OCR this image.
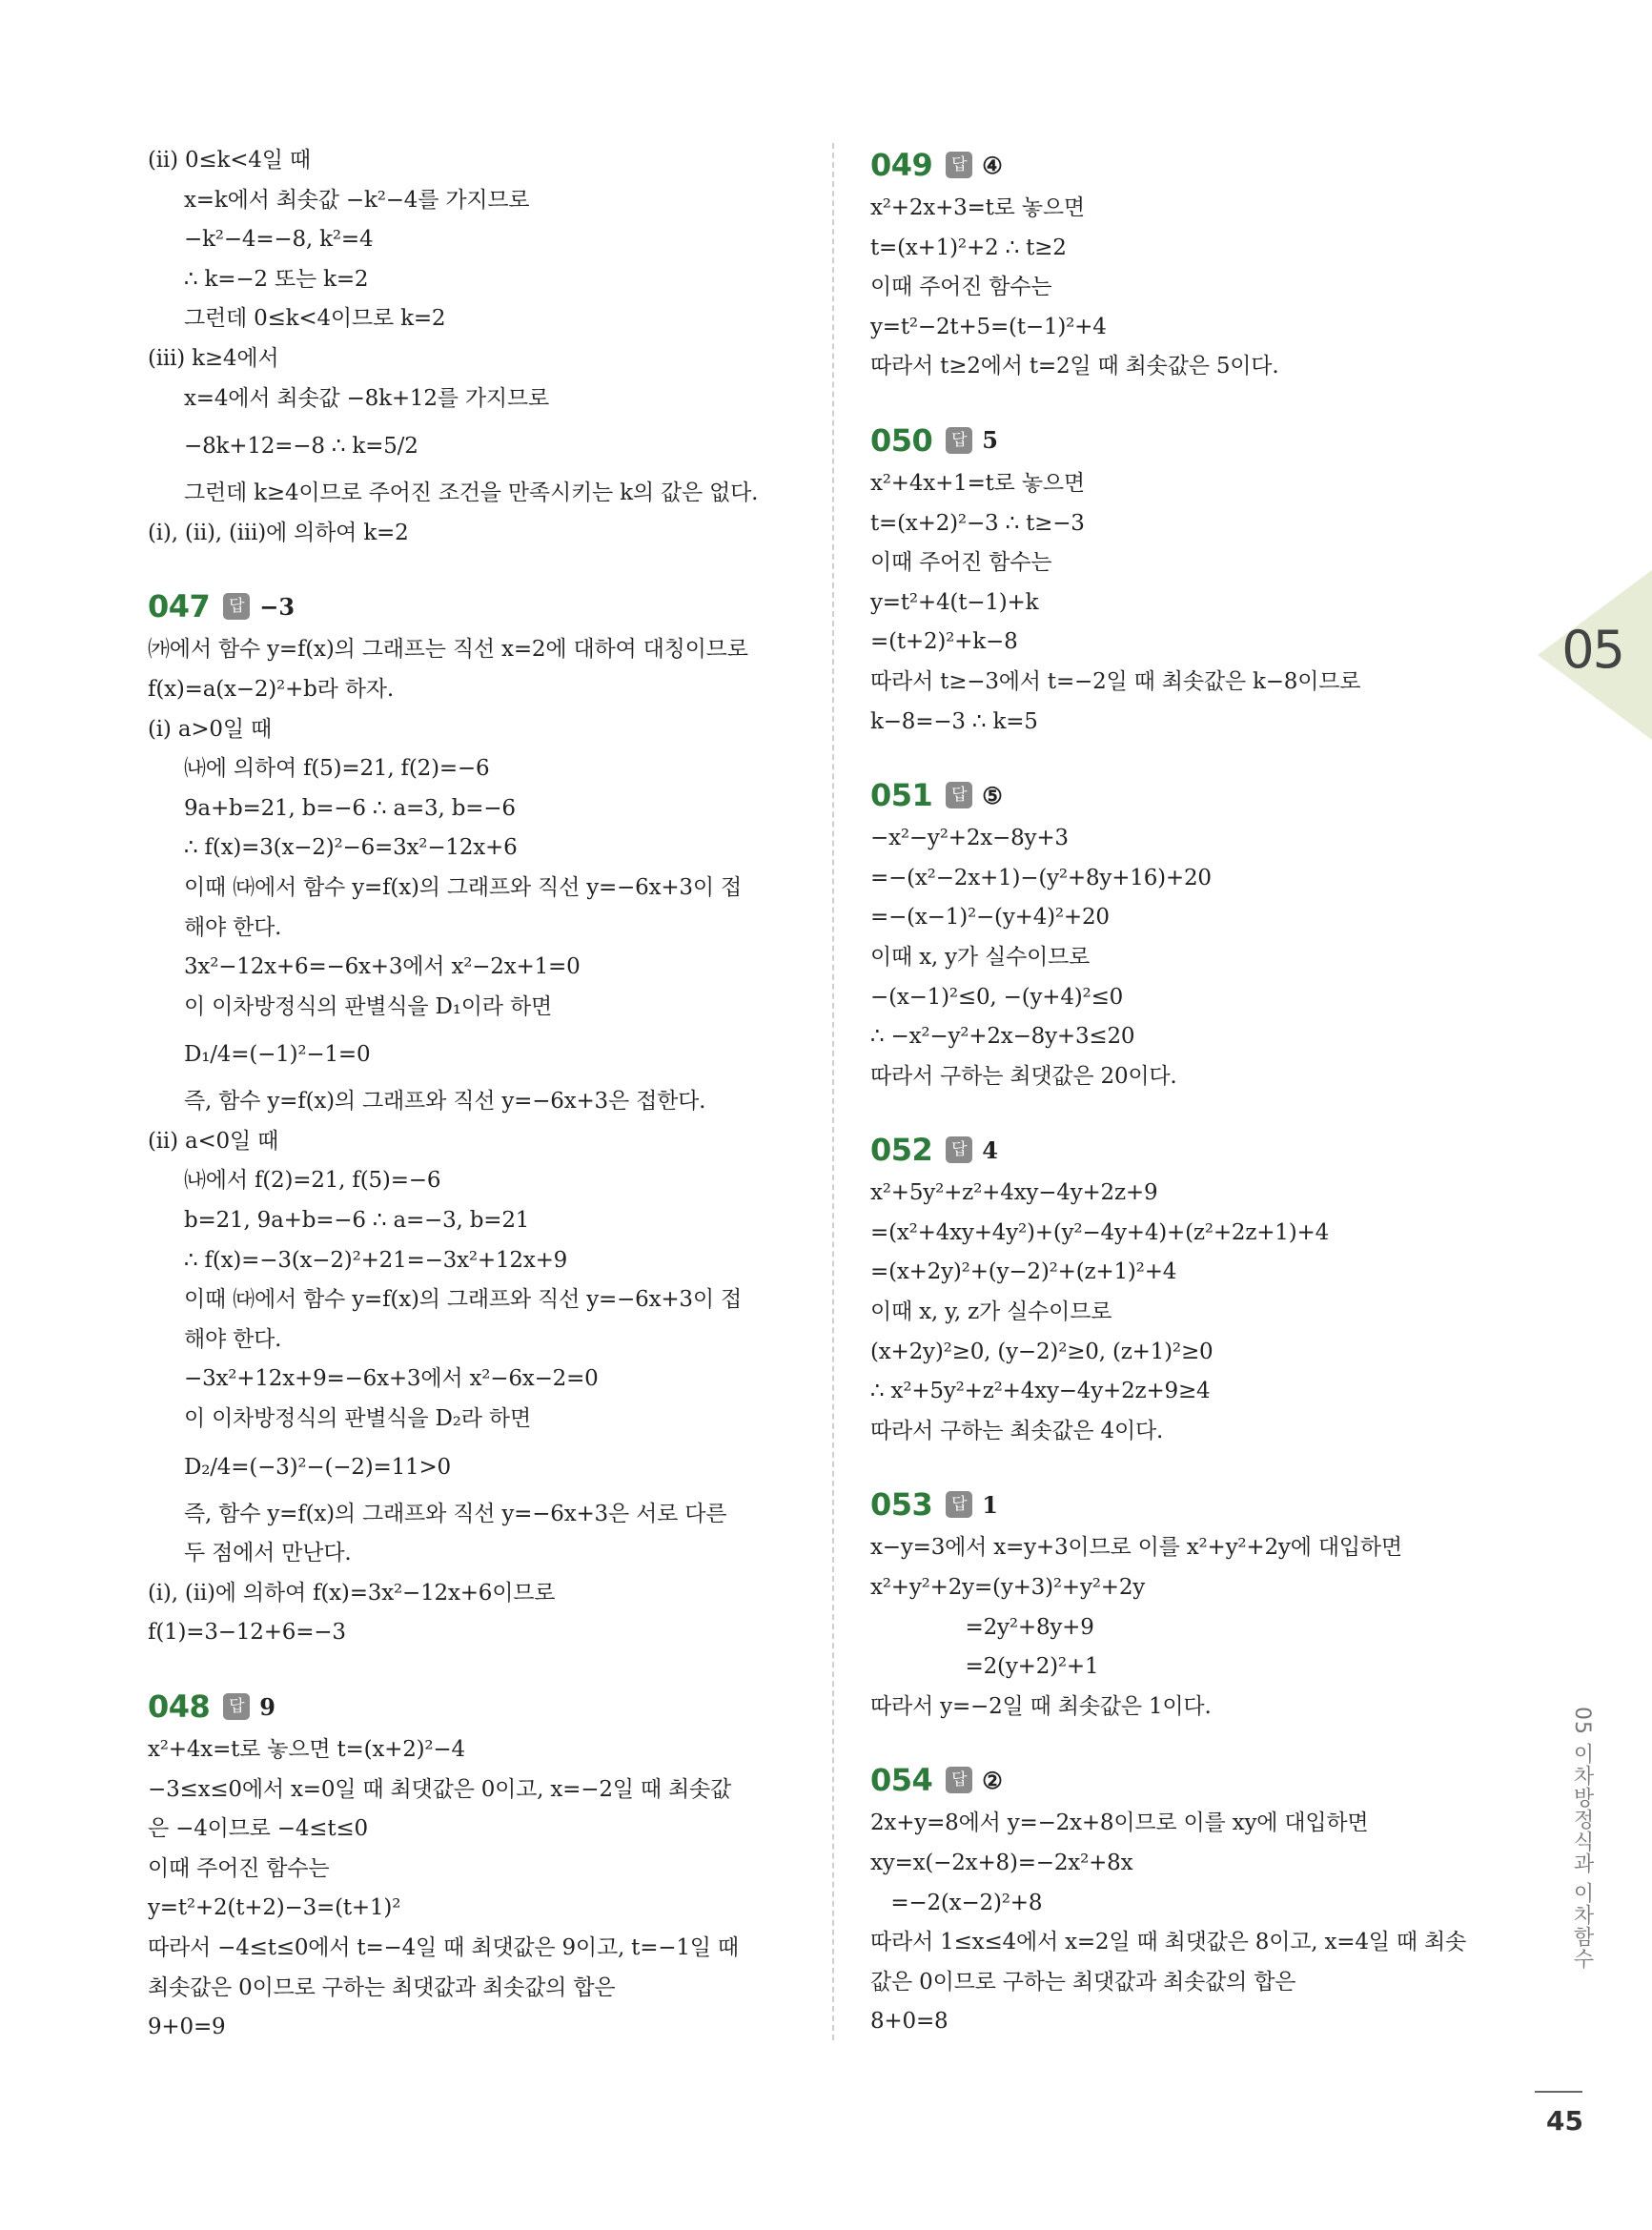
(ii) 0≤k<4일 때
x=k에서 최솟값 −k²−4를 가지므로
−k²−4=−8, k²=4
∴ k=−2 또는 k=2
그런데 0≤k<4이므로 k=2
(iii) k≥4에서
x=4에서 최솟값 −8k+12를 가지므로
−8k+12=−8 ∴ k=5/2
그런데 k≥4이므로 주어진 조건을 만족시키는 k의 값은 없다.
(i), (ii), (iii)에 의하여 k=2
047	답 −3
㈎에서 함수 y=f(x)의 그래프는 직선 x=2에 대하여 대칭이므로
f(x)=a(x−2)²+b라 하자.
(i) a>0일 때
㈏에 의하여 f(5)=21, f(2)=−6
9a+b=21, b=−6 ∴ a=3, b=−6
∴ f(x)=3(x−2)²−6=3x²−12x+6
이때 ㈐에서 함수 y=f(x)의 그래프와 직선 y=−6x+3이 접
해야 한다.
3x²−12x+6=−6x+3에서 x²−2x+1=0
이 이차방정식의 판별식을 D₁이라 하면
D₁/4=(−1)²−1=0
즉, 함수 y=f(x)의 그래프와 직선 y=−6x+3은 접한다.
(ii) a<0일 때
㈏에서 f(2)=21, f(5)=−6
b=21, 9a+b=−6 ∴ a=−3, b=21
∴ f(x)=−3(x−2)²+21=−3x²+12x+9
이때 ㈐에서 함수 y=f(x)의 그래프와 직선 y=−6x+3이 접
해야 한다.
−3x²+12x+9=−6x+3에서 x²−6x−2=0
이 이차방정식의 판별식을 D₂라 하면
D₂/4=(−3)²−(−2)=11>0
즉, 함수 y=f(x)의 그래프와 직선 y=−6x+3은 서로 다른
두 점에서 만난다.
(i), (ii)에 의하여 f(x)=3x²−12x+6이므로
f(1)=3−12+6=−3
048	답 9
x²+4x=t로 놓으면 t=(x+2)²−4
−3≤x≤0에서 x=0일 때 최댓값은 0이고, x=−2일 때 최솟값
은 −4이므로 −4≤t≤0
이때 주어진 함수는
y=t²+2(t+2)−3=(t+1)²
따라서 −4≤t≤0에서 t=−4일 때 최댓값은 9이고, t=−1일 때
최솟값은 0이므로 구하는 최댓값과 최솟값의 합은
9+0=9
049	답 ④
x²+2x+3=t로 놓으면
t=(x+1)²+2 ∴ t≥2
이때 주어진 함수는
y=t²−2t+5=(t−1)²+4
따라서 t≥2에서 t=2일 때 최솟값은 5이다.
050	답 5
x²+4x+1=t로 놓으면
t=(x+2)²−3 ∴ t≥−3
이때 주어진 함수는
y=t²+4(t−1)+k
=(t+2)²+k−8
따라서 t≥−3에서 t=−2일 때 최솟값은 k−8이므로
k−8=−3 ∴ k=5
051	답 ⑤
−x²−y²+2x−8y+3
=−(x²−2x+1)−(y²+8y+16)+20
=−(x−1)²−(y+4)²+20
이때 x, y가 실수이므로
−(x−1)²≤0, −(y+4)²≤0
∴ −x²−y²+2x−8y+3≤20
따라서 구하는 최댓값은 20이다.
052	답 4
x²+5y²+z²+4xy−4y+2z+9
=(x²+4xy+4y²)+(y²−4y+4)+(z²+2z+1)+4
=(x+2y)²+(y−2)²+(z+1)²+4
이때 x, y, z가 실수이므로
(x+2y)²≥0, (y−2)²≥0, (z+1)²≥0
∴ x²+5y²+z²+4xy−4y+2z+9≥4
따라서 구하는 최솟값은 4이다.
053	답 1
x−y=3에서 x=y+3이므로 이를 x²+y²+2y에 대입하면
x²+y²+2y=(y+3)²+y²+2y
=2y²+8y+9
=2(y+2)²+1
따라서 y=−2일 때 최솟값은 1이다.
054	답 ②
2x+y=8에서 y=−2x+8이므로 이를 xy에 대입하면
xy=x(−2x+8)=−2x²+8x
=−2(x−2)²+8
따라서 1≤x≤4에서 x=2일 때 최댓값은 8이고, x=4일 때 최솟
값은 0이므로 구하는 최댓값과 최솟값의 합은
8+0=8
05
05 이차방정식과 이차함수
45
